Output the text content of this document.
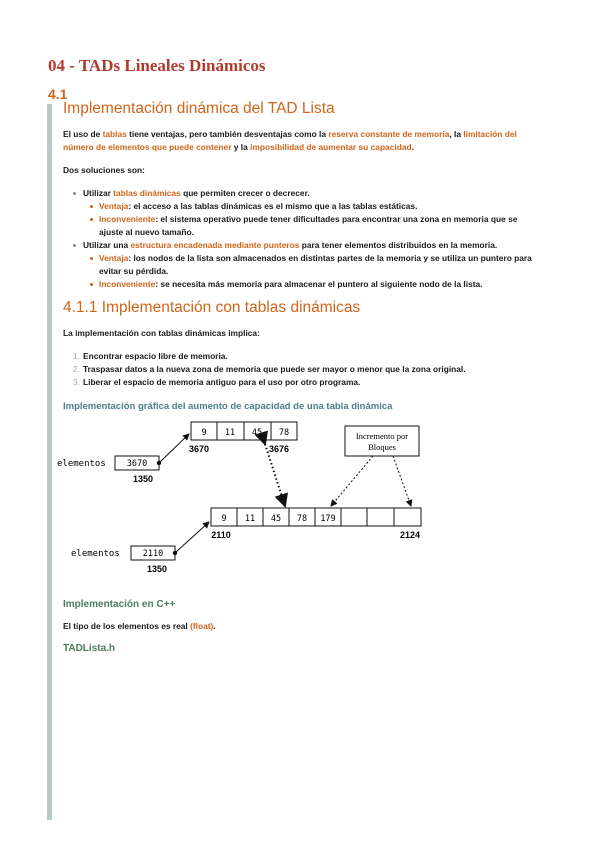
04 - TADs Lineales Dinámicos
4.1
Implementación dinámica del TAD Lista

El uso de tablas tiene ventajas, pero también desventajas como la reserva constante de memoria, la limitación del número de elementos que puede contener y la imposibilidad de aumentar su capacidad.

Dos soluciones son:

Utilizar tablas dinámicas que permiten crecer o decrecer.
Ventaja: el acceso a las tablas dinámicas es el mismo que a las tablas estáticas.
Inconveniente: el sistema operativo puede tener dificultades para encontrar una zona en memoria que se ajuste al nuevo tamaño.
Utilizar una estructura encadenada mediante punteros para tener elementos distribuidos en la memoria.
Ventaja: los nodos de la lista son almacenados en distintas partes de la memoria y se utiliza un puntero para evitar su pérdida.
Inconveniente: se necesita más memoria para almacenar el puntero al siguiente nodo de la lista.
4.1.1 Implementación con tablas dinámicas

La implementación con tablas dinámicas implica:

1. Encontrar espacio libre de memoria.
2. Traspasar datos a la nueva zona de memoria que puede ser mayor o menor que la zona original.
3. Liberar el espacio de memoria antiguo para el uso por otro programa.
Implementación gráfica del aumento de capacidad de una tabla dinámica
9 11 45 78
3670	3676
elementos 3670
1350
Incremento por
Bloques
9 11 45 78 179
2110	2124
elementos	2110
1350
Implementación en C++

El tipo de los elementos es real (float).

TADLista.h
